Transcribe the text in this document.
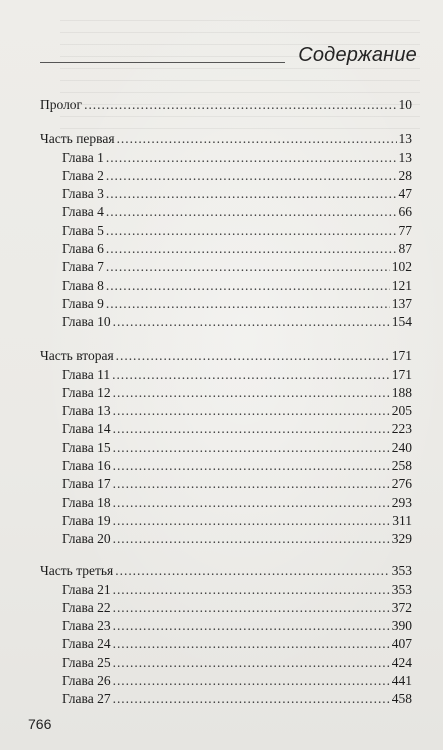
Содержание
Пролог . . .	10
Часть первая . . .	13
Глава 1 . . .	13
Глава 2 . . .	28
Глава 3 . . .	47
Глава 4 . . .	66
Глава 5 . . .	77
Глава 6 . . .	87
Глава 7 . . .	102
Глава 8 . . .	121
Глава 9 . . .	137
Глава 10 . . .	154
Часть вторая . . .	171
Глава 11 . . .	171
Глава 12 . . .	188
Глава 13 . . .	205
Глава 14 . . .	223
Глава 15 . . .	240
Глава 16 . . .	258
Глава 17 . . .	276
Глава 18 . . .	293
Глава 19 . . .	311
Глава 20 . . .	329
Часть третья . . .	353
Глава 21 . . .	353
Глава 22 . . .	372
Глава 23 . . .	390
Глава 24 . . .	407
Глава 25 . . .	424
Глава 26 . . .	441
Глава 27 . . .	458
766
